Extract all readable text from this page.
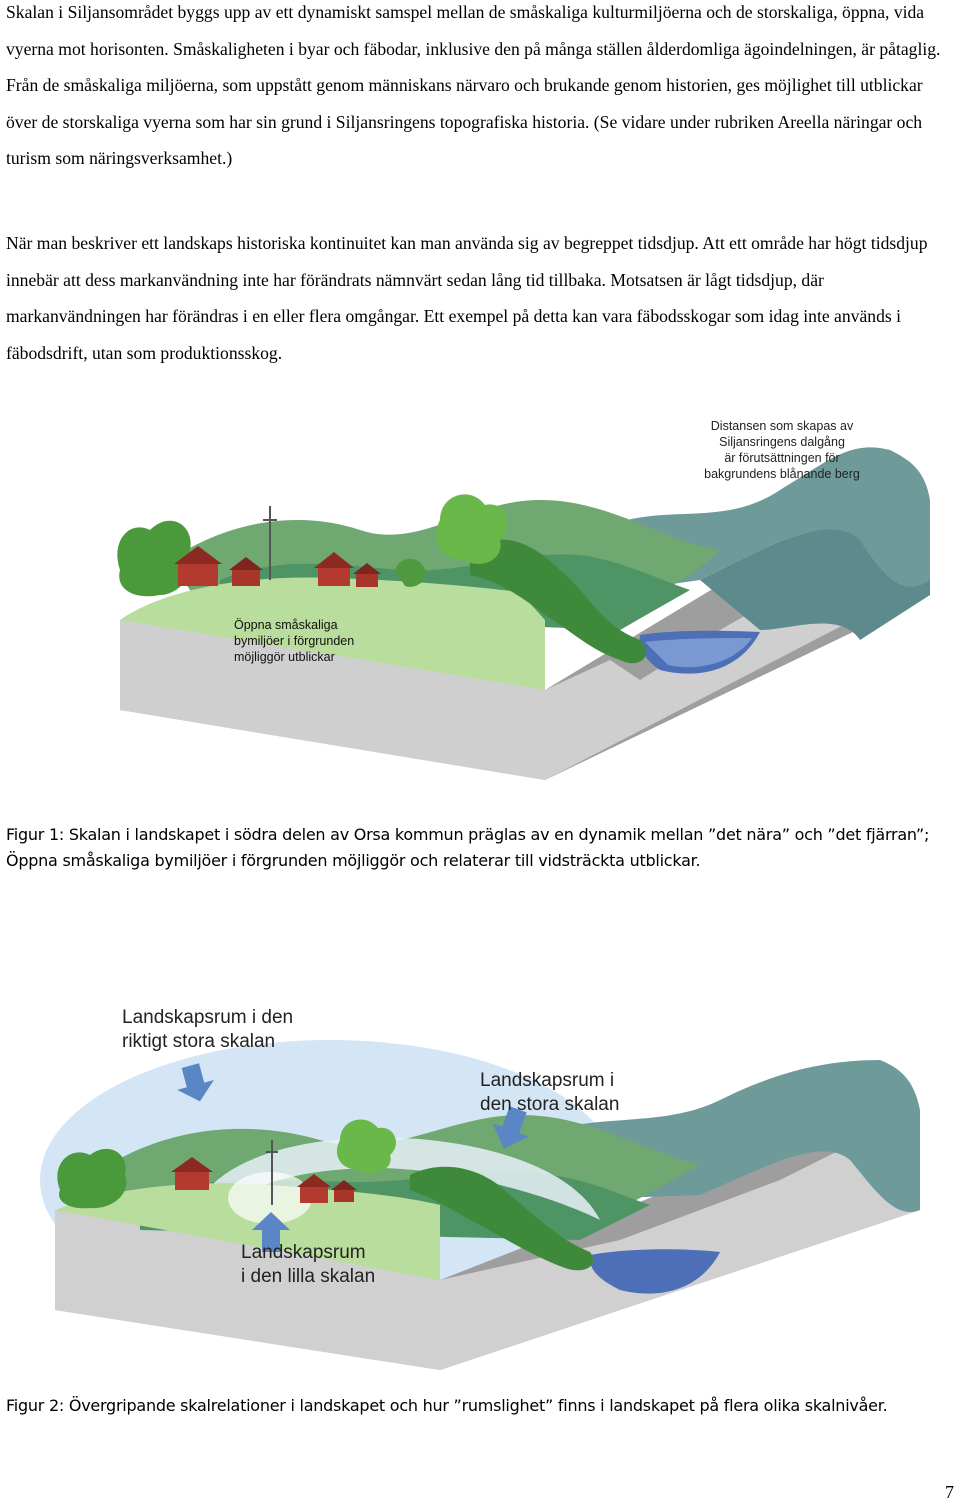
Skalan i Siljansområdet byggs upp av ett dynamiskt samspel mellan de småskaliga kulturmiljöerna och de storskaliga, öppna, vida vyerna mot horisonten. Småskaligheten i byar och fäbodar, inklusive den på många ställen ålderdomliga ägoindelningen, är påtaglig. Från de småskaliga miljöerna, som uppstått genom människans närvaro och brukande genom historien, ges möjlighet till utblickar över de storskaliga vyerna som har sin grund i Siljansringens topografiska historia. (Se vidare under rubriken Areella näringar och turism som näringsverksamhet.)

När man beskriver ett landskaps historiska kontinuitet kan man använda sig av begreppet tidsdjup. Att ett område har högt tidsdjup innebär att dess markanvändning inte har förändrats nämnvärt sedan lång tid tillbaka. Motsatsen är lågt tidsdjup, där markanvändningen har förändras i en eller flera omgångar. Ett exempel på detta kan vara fäbodsskogar som idag inte används i fäbodsdrift, utan som produktionsskog.

Distansen som skapas av
Siljansringens dalgång
är förutsättningen för
bakgrundens blånande berg
Öppna småskaliga
bymiljöer i förgrunden
möjliggör utblickar

Figur 1: Skalan i landskapet i södra delen av Orsa kommun präglas av en dynamik mellan ”det nära” och ”det fjärran”; Öppna småskaliga bymiljöer i förgrunden möjliggör och relaterar till vidsträckta utblickar.

Landskapsrum i den
riktigt stora skalan
Landskapsrum i
den stora skalan
Landskapsrum
i den lilla skalan

Figur 2: Övergripande skalrelationer i landskapet och hur ”rumslighet” finns i landskapet på flera olika skalnivåer.

7
